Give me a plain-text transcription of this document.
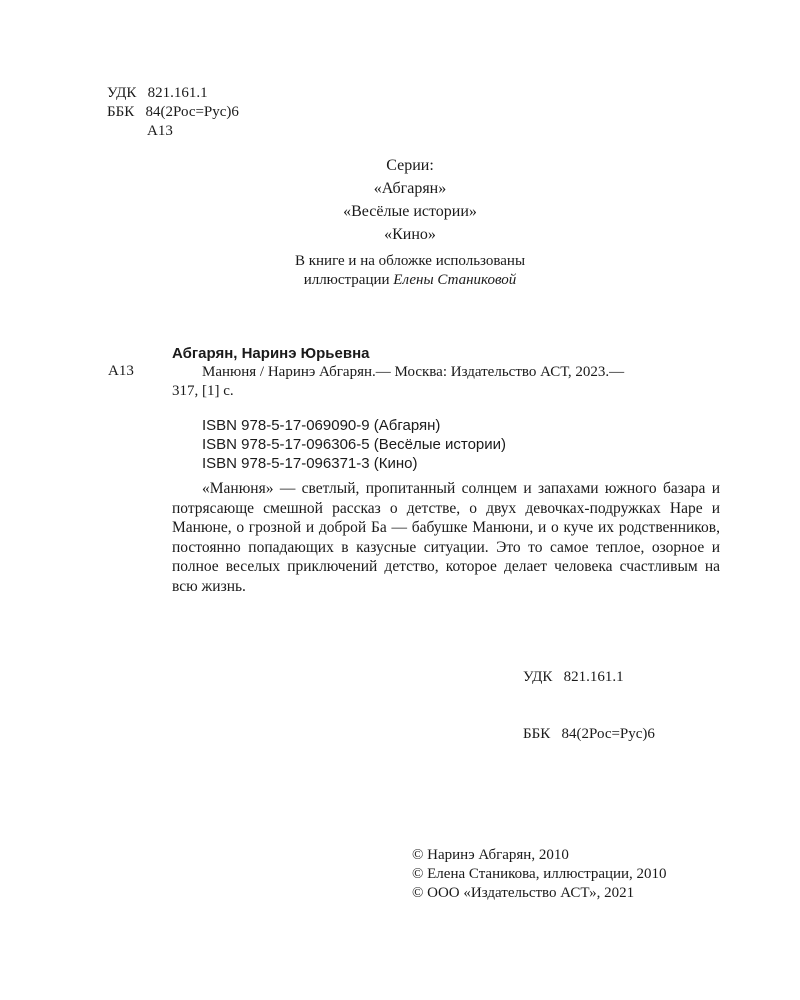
УДК   821.161.1
ББК   84(2Рос=Рус)6
А13
Серии:
«Абгарян»
«Весёлые истории»
«Кино»
В книге и на обложке использованы
иллюстрации Елены Станиковой
А13
Абгарян, Наринэ Юрьевна
Манюня / Наринэ Абгарян.— Москва: Издательство АСТ, 2023.—
317, [1] с.
ISBN 978-5-17-069090-9 (Абгарян)
ISBN 978-5-17-096306-5 (Весёлые истории)
ISBN 978-5-17-096371-3 (Кино)
«Манюня» — светлый, пропитанный солнцем и запахами южного базара и потрясающе смешной рассказ о детстве, о двух девочках-подружках Наре и Манюне, о грозной и доброй Ба — бабушке Манюни, и о куче их родственников, постоянно попадающих в казусные ситуации. Это то самое теплое, озорное и полное веселых приключений детство, которое делает человека счастливым на всю жизнь.

УДК   821.161.1

ББК   84(2Рос=Рус)6

© Наринэ Абгарян, 2010
© Елена Станикова, иллюстрации, 2010
© ООО «Издательство АСТ», 2021
